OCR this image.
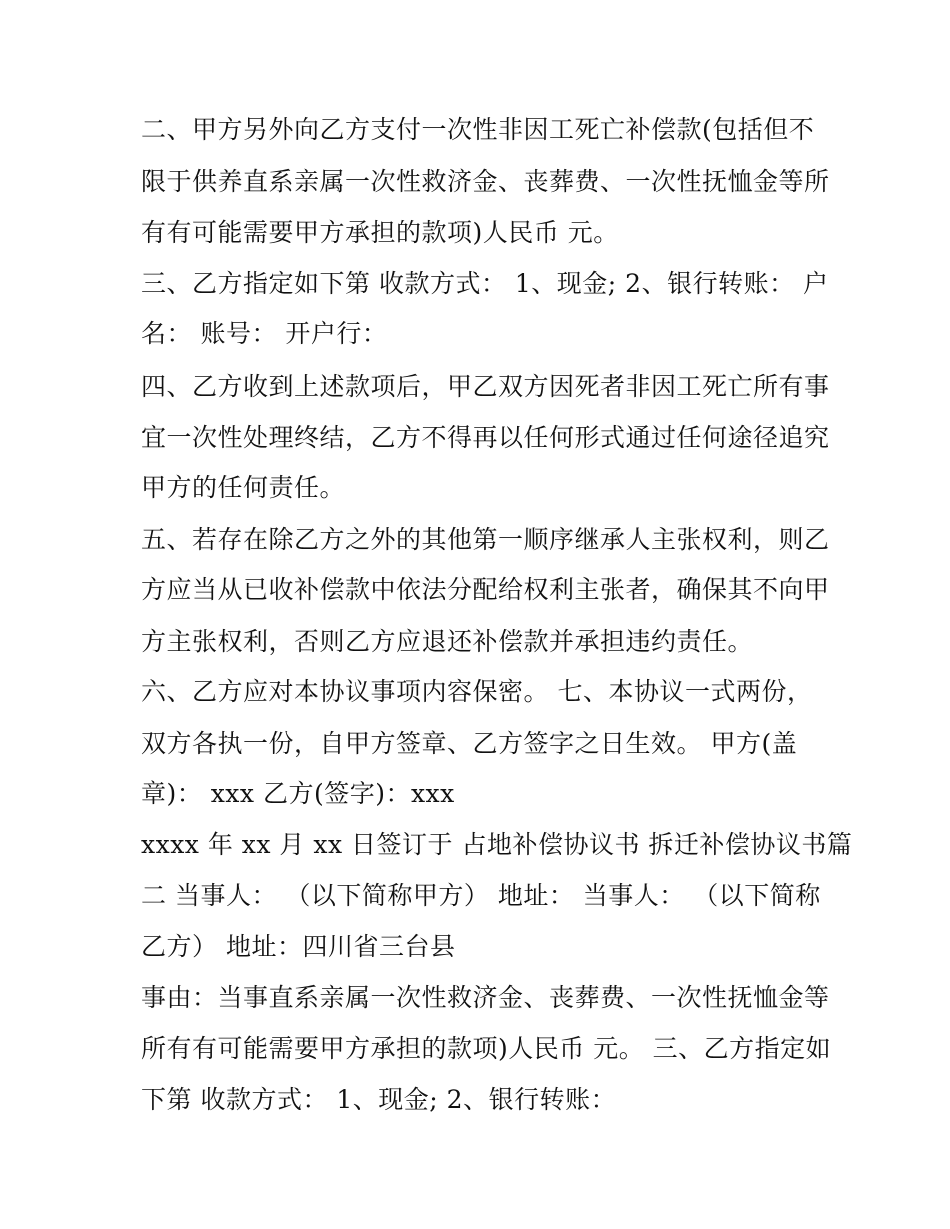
二、甲方另外向乙方支付一次性非因工死亡补偿款(包括但不
限于供养直系亲属一次性救济金、丧葬费、一次性抚恤金等所
有有可能需要甲方承担的款项)人民币 元。
三、乙方指定如下第 收款方式： 1、现金; 2、银行转账： 户
名： 账号： 开户行：
四、乙方收到上述款项后，甲乙双方因死者非因工死亡所有事
宜一次性处理终结，乙方不得再以任何形式通过任何途径追究
甲方的任何责任。
五、若存在除乙方之外的其他第一顺序继承人主张权利，则乙
方应当从已收补偿款中依法分配给权利主张者，确保其不向甲
方主张权利，否则乙方应退还补偿款并承担违约责任。
六、乙方应对本协议事项内容保密。 七、本协议一式两份，
双方各执一份，自甲方签章、乙方签字之日生效。 甲方(盖
章)： xxx 乙方(签字)：xxx
xxxx 年 xx 月 xx 日签订于 占地补偿协议书 拆迁补偿协议书篇
二 当事人： （以下简称甲方） 地址： 当事人： （以下简称
乙方） 地址：四川省三台县
事由：当事直系亲属一次性救济金、丧葬费、一次性抚恤金等
所有有可能需要甲方承担的款项)人民币 元。 三、乙方指定如
下第 收款方式： 1、现金; 2、银行转账：
